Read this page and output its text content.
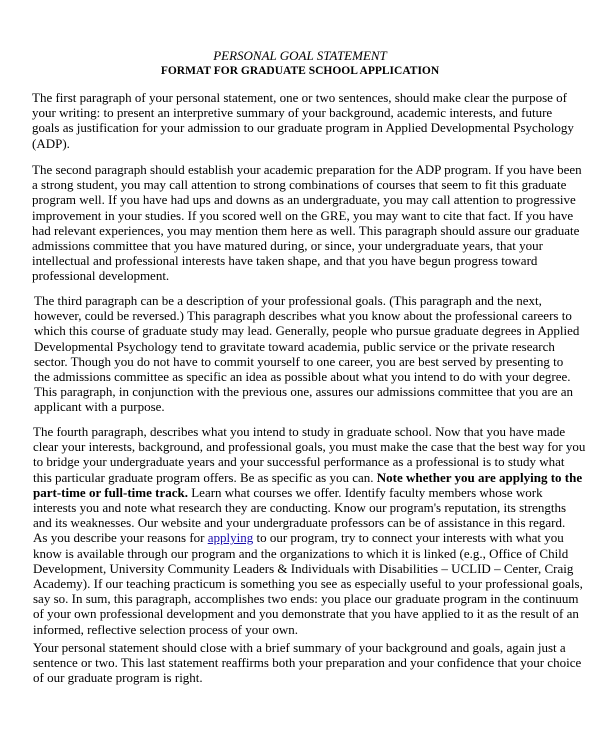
PERSONAL GOAL STATEMENT
FORMAT FOR GRADUATE SCHOOL APPLICATION

The first paragraph of your personal statement, one or two sentences, should make clear the purpose of
your writing: to present an interpretive summary of your background, academic interests, and future
goals as justification for your admission to our graduate program in Applied Developmental Psychology
(ADP).

The second paragraph should establish your academic preparation for the ADP program. If you have been
a strong student, you may call attention to strong combinations of courses that seem to fit this graduate
program well. If you have had ups and downs as an undergraduate, you may call attention to progressive
improvement in your studies. If you scored well on the GRE, you may want to cite that fact. If you have
had relevant experiences, you may mention them here as well. This paragraph should assure our graduate
admissions committee that you have matured during, or since, your undergraduate years, that your
intellectual and professional interests have taken shape, and that you have begun progress toward
professional development.

The third paragraph can be a description of your professional goals. (This paragraph and the next,
however, could be reversed.) This paragraph describes what you know about the professional careers to
which this course of graduate study may lead. Generally, people who pursue graduate degrees in Applied
Developmental Psychology tend to gravitate toward academia, public service or the private research
sector. Though you do not have to commit yourself to one career, you are best served by presenting to
the admissions committee as specific an idea as possible about what you intend to do with your degree.
This paragraph, in conjunction with the previous one, assures our admissions committee that you are an
applicant with a purpose.

The fourth paragraph, describes what you intend to study in graduate school. Now that you have made
clear your interests, background, and professional goals, you must make the case that the best way for you
to bridge your undergraduate years and your successful performance as a professional is to study what
this particular graduate program offers. Be as specific as you can. Note whether you are applying to the
part-time or full-time track. Learn what courses we offer. Identify faculty members whose work
interests you and note what research they are conducting. Know our program's reputation, its strengths
and its weaknesses. Our website and your undergraduate professors can be of assistance in this regard.
As you describe your reasons for applying to our program, try to connect your interests with what you
know is available through our program and the organizations to which it is linked (e.g., Office of Child
Development, University Community Leaders & Individuals with Disabilities – UCLID – Center, Craig
Academy). If our teaching practicum is something you see as especially useful to your professional goals,
say so. In sum, this paragraph, accomplishes two ends: you place our graduate program in the continuum
of your own professional development and you demonstrate that you have applied to it as the result of an
informed, reflective selection process of your own.

Your personal statement should close with a brief summary of your background and goals, again just a
sentence or two. This last statement reaffirms both your preparation and your confidence that your choice
of our graduate program is right.
